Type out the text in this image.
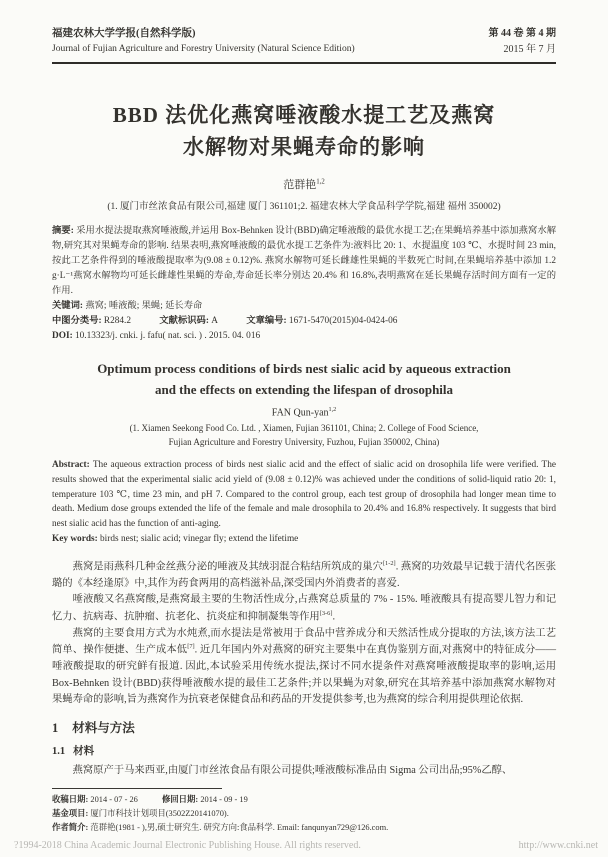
福建农林大学学报(自然科学版)
Journal of Fujian Agriculture and Forestry University (Natural Science Edition)
第 44 卷 第 4 期
2015 年 7 月
BBD 法优化燕窝唾液酸水提工艺及燕窝
水解物对果蝇寿命的影响
范群艳$^{1,2}$
(1. 厦门市丝浓食品有限公司,福建 厦门 361101;2. 福建农林大学食品科学学院,福建 福州 350002)
摘要: 采用水提法提取燕窝唾液酸,并运用 Box-Behnken 设计(BBD)确定唾液酸的最优水提工艺;在果蝇培养基中添加燕窝水解物,研究其对果蝇寿命的影响. 结果表明,燕窝唾液酸的最优水提工艺条件为:液料比 20: 1、水提温度 103 ℃、水提时间 23 min,按此工艺条件得到的唾液酸提取率为(9.08 ± 0.12)%. 燕窝水解物可延长雌雄性果蝇的半数死亡时间,在果蝇培养基中添加 1.2 g·L⁻¹燕窝水解物均可延长雌雄性果蝇的寿命,寿命延长率分别达 20.4% 和 16.8%,表明燕窝在延长果蝇存活时间方面有一定的作用.
关键词: 燕窝; 唾液酸; 果蝇; 延长寿命
中图分类号: R284.2	文献标识码: A	文章编号: 1671-5470(2015)04-0424-06
DOI: 10.13323/j. cnki. j. fafu( nat. sci. ) . 2015. 04. 016
Optimum process conditions of birds nest sialic acid by aqueous extraction
and the effects on extending the lifespan of drosophila
FAN Qun-yan$^{1,2}$
(1. Xiamen Seekong Food Co. Ltd. , Xiamen, Fujian 361101, China; 2. College of Food Science,
Fujian Agriculture and Forestry University, Fuzhou, Fujian 350002, China)
Abstract: The aqueous extraction process of birds nest sialic acid and the effect of sialic acid on drosophila life were verified. The results showed that the experimental sialic acid yield of (9.08 ± 0.12)% was achieved under the conditions of solid-liquid ratio 20: 1, temperature 103 ℃, time 23 min, and pH 7. Compared to the control group, each test group of drosophila had longer mean time to death. Medium dose groups extended the life of the female and male drosophila to 20.4% and 16.8% respectively. It suggests that bird nest sialic acid has the function of anti-aging.
Key words: birds nest; sialic acid; vinegar fly; extend the lifetime

燕窝是雨燕科几种金丝燕分泌的唾液及其绒羽混合粘结所筑成的巢穴[1-2]. 燕窝的功效最早记载于清代名医张璐的《本经逢原》中,其作为药食两用的高档滋补品,深受国内外消费者的喜爱.

唾液酸又名燕窝酸,是燕窝最主要的生物活性成分,占燕窝总质量的 7% - 15%. 唾液酸具有提高婴儿智力和记忆力、抗病毒、抗肿瘤、抗老化、抗炎症和抑制凝集等作用[3-6].

燕窝的主要食用方式为水炖煮,而水提法是常被用于食品中营养成分和天然活性成分提取的方法,该方法工艺简单、操作便捷、生产成本低[7]. 近几年国内外对燕窝的研究主要集中在真伪鉴别方面,对燕窝中的特征成分——唾液酸提取的研究鲜有报道. 因此,本试验采用传统水提法,探讨不同水提条件对燕窝唾液酸提取率的影响,运用 Box-Behnken 设计(BBD)获得唾液酸水提的最佳工艺条件;并以果蝇为对象,研究在其培养基中添加燕窝水解物对果蝇寿命的影响,旨为燕窝作为抗衰老保健食品和药品的开发提供参考,也为燕窝的综合利用提供理论依据.

1 材料与方法
1.1 材料

燕窝原产于马来西亚,由厦门市丝浓食品有限公司提供;唾液酸标准品由 Sigma 公司出品;95%乙醇、

收稿日期: 2014 - 07 - 26	修回日期: 2014 - 09 - 19
基金项目: 厦门市科技计划项目(3502Z20141070).
作者简介: 范群艳(1981 - ),男,硕士研究生. 研究方向:食品科学. Email: fanqunyan729@126.com.
?1994-2018 China Academic Journal Electronic Publishing House. All rights reserved.	http://www.cnki.net
